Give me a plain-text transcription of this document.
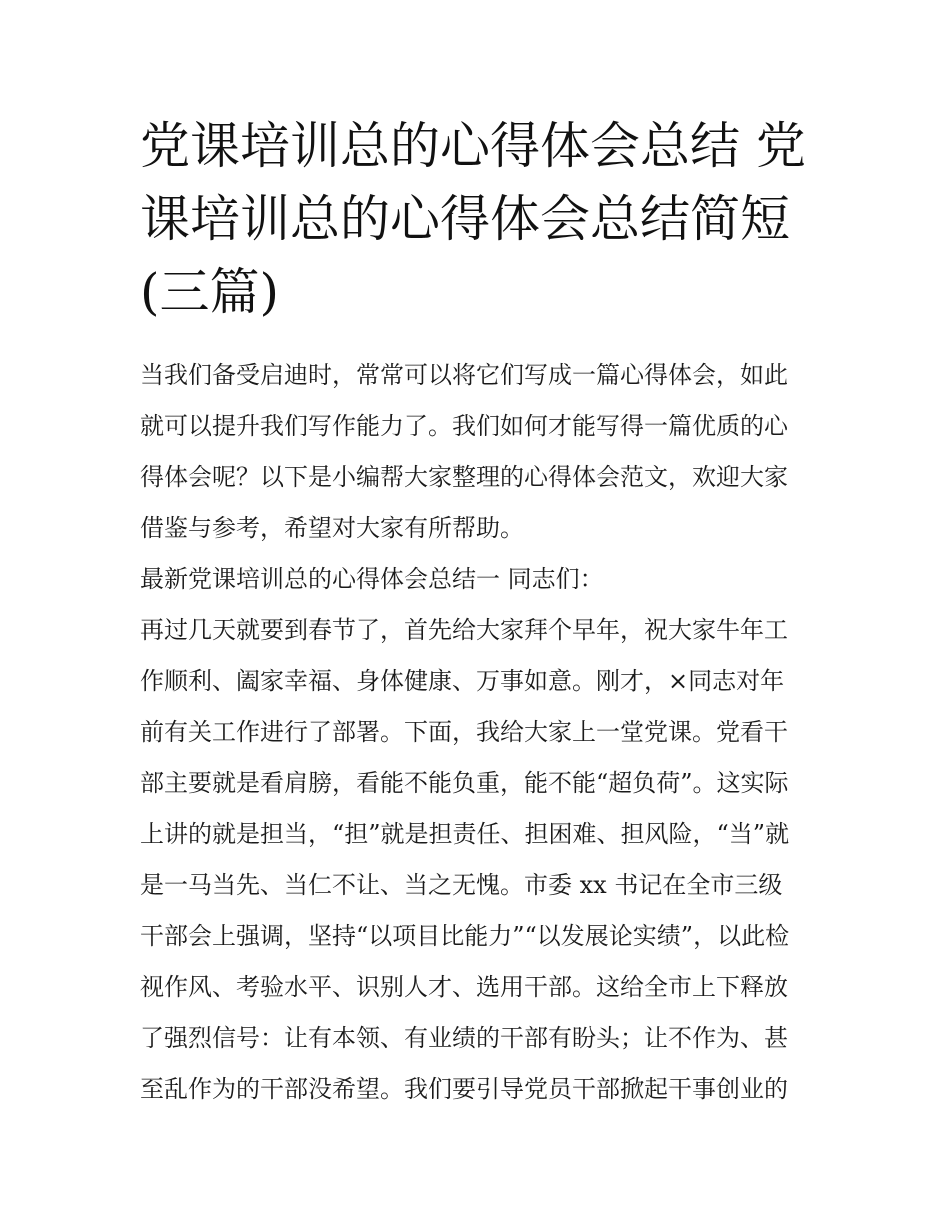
党课培训总的心得体会总结 党
课培训总的心得体会总结简短
(三篇)
当我们备受启迪时，常常可以将它们写成一篇心得体会，如此
就可以提升我们写作能力了。我们如何才能写得一篇优质的心
得体会呢？以下是小编帮大家整理的心得体会范文，欢迎大家
借鉴与参考，希望对大家有所帮助。
最新党课培训总的心得体会总结一 同志们：
再过几天就要到春节了，首先给大家拜个早年，祝大家牛年工
作顺利、阖家幸福、身体健康、万事如意。刚才，×同志对年
前有关工作进行了部署。下面，我给大家上一堂党课。党看干
部主要就是看肩膀，看能不能负重，能不能“超负荷”。这实际
上讲的就是担当，“担”就是担责任、担困难、担风险，“当”就
是一马当先、当仁不让、当之无愧。市委 xx 书记在全市三级
干部会上强调，坚持“以项目比能力”“以发展论实绩”，以此检
视作风、考验水平、识别人才、选用干部。这给全市上下释放
了强烈信号：让有本领、有业绩的干部有盼头；让不作为、甚
至乱作为的干部没希望。我们要引导党员干部掀起干事创业的
